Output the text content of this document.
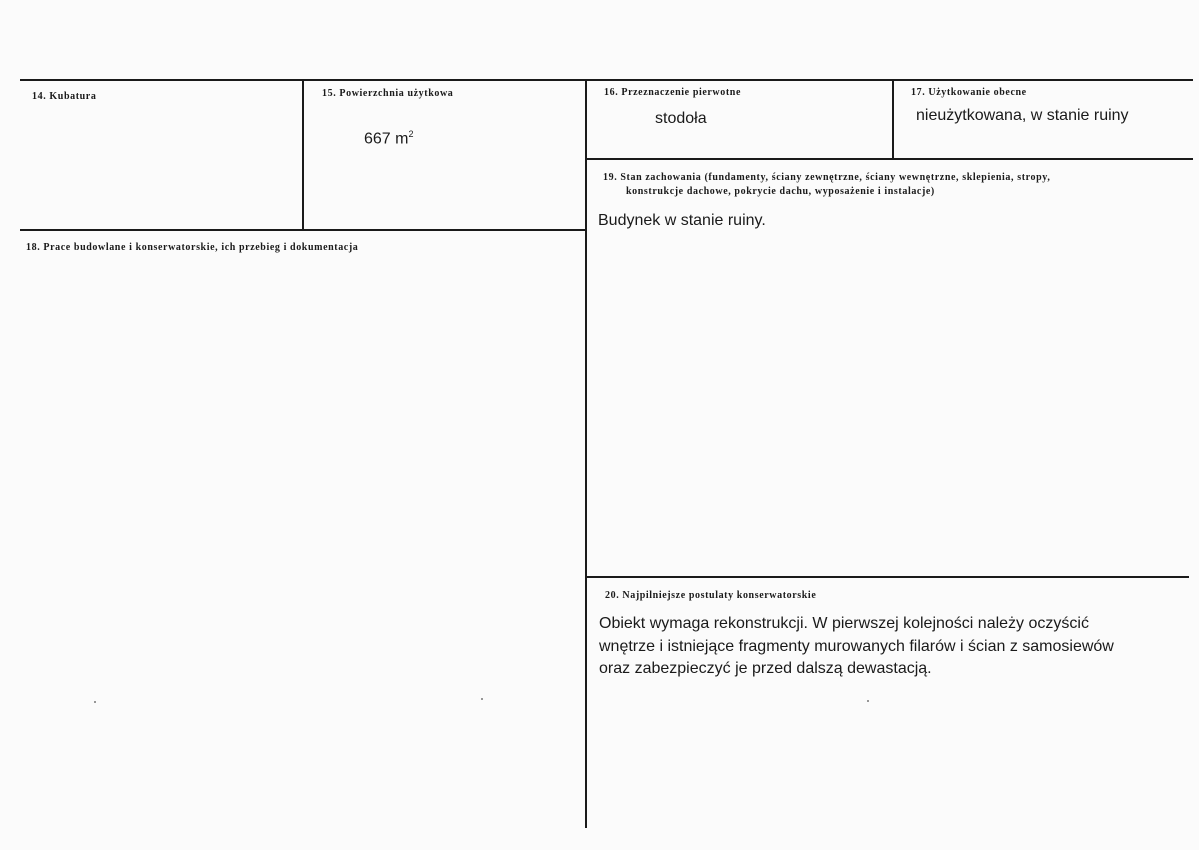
14. Kubatura	15. Powierzchnia użytkowa
667 $m^2$
16. Przeznaczenie pierwotne
stodoła
17. Użytkowanie obecne
nieużytkowana, w stanie ruiny
18. Prace budowlane i konserwatorskie, ich przebieg i dokumentacja
19. Stan zachowania (fundamenty, ściany zewnętrzne, ściany wewnętrzne, sklepienia, stropy,
konstrukcje dachowe, pokrycie dachu, wyposażenie i instalacje)
Budynek w stanie ruiny.
20. Najpilniejsze postulaty konserwatorskie
Obiekt wymaga rekonstrukcji. W pierwszej kolejności należy oczyścić
wnętrze i istniejące fragmenty murowanych filarów i ścian z samosiewów
oraz zabezpieczyć je przed dalszą dewastacją.
